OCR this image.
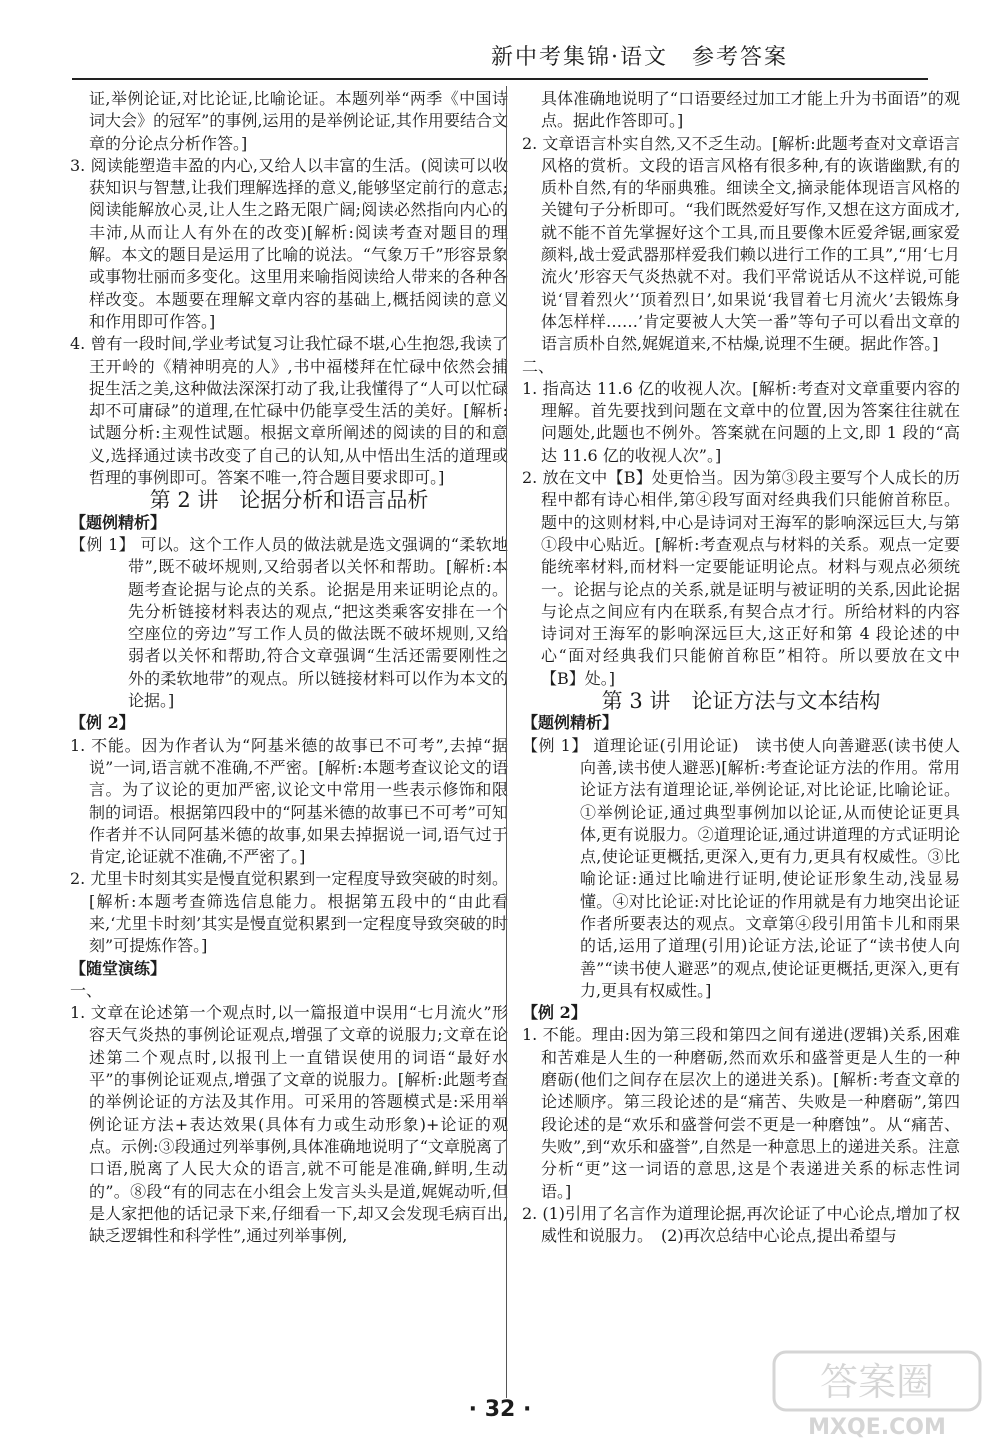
新中考集锦·语文　参考答案

证,举例论证,对比论证,比喻论证。本题列举“两季《中国诗词大会》的冠军”的事例,运用的是举例论证,其作用要结合文章的分论点分析作答。]

3. 阅读能塑造丰盈的内心,又给人以丰富的生活。(阅读可以收获知识与智慧,让我们理解选择的意义,能够坚定前行的意志;阅读能解放心灵,让人生之路无限广阔;阅读必然指向内心的丰沛,从而让人有外在的改变)[解析:阅读考查对题目的理解。本文的题目是运用了比喻的说法。“气象万千”形容景象或事物壮丽而多变化。这里用来喻指阅读给人带来的各种各样改变。本题要在理解文章内容的基础上,概括阅读的意义和作用即可作答。]

4. 曾有一段时间,学业考试复习让我忙碌不堪,心生抱怨,我读了王开岭的《精神明亮的人》,书中福楼拜在忙碌中依然会捕捉生活之美,这种做法深深打动了我,让我懂得了“人可以忙碌却不可庸碌”的道理,在忙碌中仍能享受生活的美好。[解析:试题分析:主观性试题。根据文章所阐述的阅读的目的和意义,选择通过读书改变了自己的认知,从中悟出生活的道理或哲理的事例即可。答案不唯一,符合题目要求即可。]

第 2 讲　论据分析和语言品析

【题例精析】

【例 1】 可以。这个工作人员的做法就是选文强调的“柔软地带”,既不破坏规则,又给弱者以关怀和帮助。[解析:本题考查论据与论点的关系。论据是用来证明论点的。先分析链接材料表达的观点,“把这类乘客安排在一个空座位的旁边”写工作人员的做法既不破坏规则,又给弱者以关怀和帮助,符合文章强调“生活还需要刚性之外的柔软地带”的观点。所以链接材料可以作为本文的论据。]

【例 2】

1. 不能。因为作者认为“阿基米德的故事已不可考”,去掉“据说”一词,语言就不准确,不严密。[解析:本题考查议论文的语言。为了议论的更加严密,议论文中常用一些表示修饰和限制的词语。根据第四段中的“阿基米德的故事已不可考”可知作者并不认同阿基米德的故事,如果去掉据说一词,语气过于肯定,论证就不准确,不严密了。]

2. 尤里卡时刻其实是慢直觉积累到一定程度导致突破的时刻。[解析:本题考查筛选信息能力。根据第五段中的“由此看来,‘尤里卡时刻’其实是慢直觉积累到一定程度导致突破的时刻”可提炼作答。]

【随堂演练】

一、

1. 文章在论述第一个观点时,以一篇报道中误用“七月流火”形容天气炎热的事例论证观点,增强了文章的说服力;文章在论述第二个观点时,以报刊上一直错误使用的词语“最好水平”的事例论证观点,增强了文章的说服力。[解析:此题考查的举例论证的方法及其作用。可采用的答题模式是:采用举例论证方法+表达效果(具体有力或生动形象)+论证的观点。示例:③段通过列举事例,具体准确地说明了“文章脱离了口语,脱离了人民大众的语言,就不可能是准确,鲜明,生动的”。⑧段“有的同志在小组会上发言头头是道,娓娓动听,但是人家把他的话记录下来,仔细看一下,却又会发现毛病百出,缺乏逻辑性和科学性”,通过列举事例,

具体准确地说明了“口语要经过加工才能上升为书面语”的观点。据此作答即可。]

2. 文章语言朴实自然,又不乏生动。[解析:此题考查对文章语言风格的赏析。文段的语言风格有很多种,有的诙谐幽默,有的质朴自然,有的华丽典雅。细读全文,摘录能体现语言风格的关键句子分析即可。“我们既然爱好写作,又想在这方面成才,就不能不首先掌握好这个工具,而且要像木匠爱斧锯,画家爱颜料,战士爱武器那样爱我们赖以进行工作的工具”,“用‘七月流火’形容天气炎热就不对。我们平常说话从不这样说,可能说‘冒着烈火’‘顶着烈日’,如果说‘我冒着七月流火’去锻炼身体怎样样……’肯定要被人大笑一番”等句子可以看出文章的语言质朴自然,娓娓道来,不枯燥,说理不生硬。据此作答。]

二、

1. 指高达 11.6 亿的收视人次。[解析:考查对文章重要内容的理解。首先要找到问题在文章中的位置,因为答案往往就在问题处,此题也不例外。答案就在问题的上文,即 1 段的“高达 11.6 亿的收视人次”。]

2. 放在文中【B】处更恰当。因为第③段主要写个人成长的历程中都有诗心相伴,第④段写面对经典我们只能俯首称臣。题中的这则材料,中心是诗词对王海军的影响深远巨大,与第①段中心贴近。[解析:考查观点与材料的关系。观点一定要能统率材料,而材料一定要能证明论点。材料与观点必须统一。论据与论点的关系,就是证明与被证明的关系,因此论据与论点之间应有内在联系,有契合点才行。所给材料的内容诗词对王海军的影响深远巨大,这正好和第 4 段论述的中心“面对经典我们只能俯首称臣”相符。所以要放在文中【B】处。]

第 3 讲　论证方法与文本结构

【题例精析】

【例 1】 道理论证(引用论证)　读书使人向善避恶(读书使人向善,读书使人避恶)[解析:考查论证方法的作用。常用论证方法有道理论证,举例论证,对比论证,比喻论证。①举例论证,通过典型事例加以论证,从而使论证更具体,更有说服力。②道理论证,通过讲道理的方式证明论点,使论证更概括,更深入,更有力,更具有权威性。③比喻论证:通过比喻进行证明,使论证形象生动,浅显易懂。④对比论证:对比论证的作用就是有力地突出论证作者所要表达的观点。文章第④段引用笛卡儿和雨果的话,运用了道理(引用)论证方法,论证了“读书使人向善”“读书使人避恶”的观点,使论证更概括,更深入,更有力,更具有权威性。]

【例 2】

1. 不能。理由:因为第三段和第四之间有递进(逻辑)关系,困难和苦难是人生的一种磨砺,然而欢乐和盛誉更是人生的一种磨砺(他们之间存在层次上的递进关系)。[解析:考查文章的论述顺序。第三段论述的是“痛苦、失败是一种磨砺”,第四段论述的是“欢乐和盛誉何尝不更是一种磨蚀”。从“痛苦、失败”,到“欢乐和盛誉”,自然是一种意思上的递进关系。注意分析“更”这一词语的意思,这是个表递进关系的标志性词语。]

2. (1)引用了名言作为道理论据,再次论证了中心论点,增加了权威性和说服力。　(2)再次总结中心论点,提出希望与

· 32 ·
答案圈
MXQE.COM
